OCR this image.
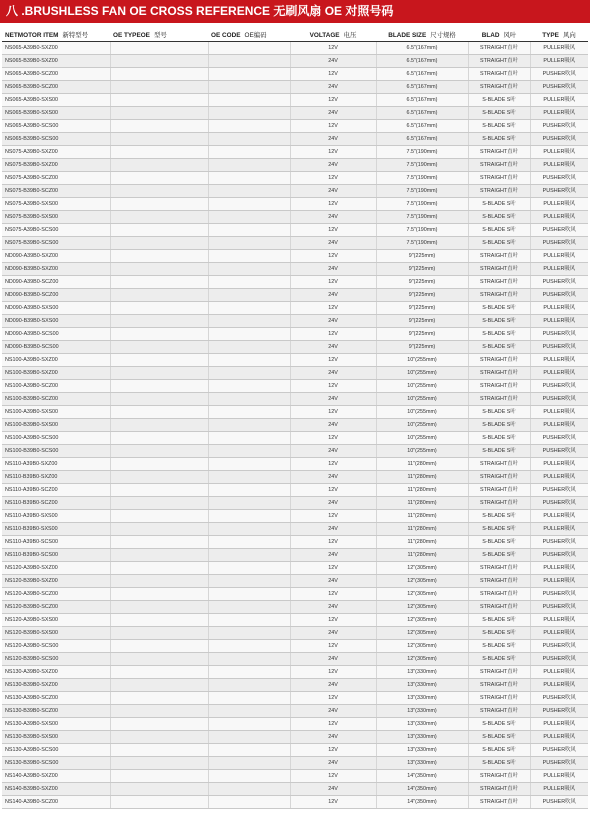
八 .BRUSHLESS FAN OE CROSS REFERENCE 无刷风扇 OE 对照号码
NETMOTOR ITEM 新特型号	OE TYPEOE 型号	OE CODE OE编码	VOLTAGE 电压	BLADE SIZE 尺寸规格	BLAD 风叶	TYPE 风向
NS065-A39B0-SXZ00			12V	6.5"(167mm)	STRAIGHT直叶	PULLER吸风
NS065-B39B0-SXZ00			24V	6.5"(167mm)	STRAIGHT直叶	PULLER吸风
NS065-A39B0-SCZ00			12V	6.5"(167mm)	STRAIGHT直叶	PUSHER吹风
NS065-B39B0-SCZ00			24V	6.5"(167mm)	STRAIGHT直叶	PUSHER吹风
NS065-A39B0-SXS00			12V	6.5"(167mm)	S-BLADE S叶	PULLER吸风
NS065-B39B0-SXS00			24V	6.5"(167mm)	S-BLADE S叶	PULLER吸风
NS065-A39B0-SCS00			12V	6.5"(167mm)	S-BLADE S叶	PUSHER吹风
NS065-B39B0-SCS00			24V	6.5"(167mm)	S-BLADE S叶	PUSHER吹风
NS075-A39B0-SXZ00			12V	7.5"(190mm)	STRAIGHT直叶	PULLER吸风
NS075-B39B0-SXZ00			24V	7.5"(190mm)	STRAIGHT直叶	PULLER吸风
NS075-A39B0-SCZ00			12V	7.5"(190mm)	STRAIGHT直叶	PUSHER吹风
NS075-B39B0-SCZ00			24V	7.5"(190mm)	STRAIGHT直叶	PUSHER吹风
NS075-A39B0-SXS00			12V	7.5"(190mm)	S-BLADE S叶	PULLER吸风
NS075-B39B0-SXS00			24V	7.5"(190mm)	S-BLADE S叶	PULLER吸风
NS075-A39B0-SCS00			12V	7.5"(190mm)	S-BLADE S叶	PUSHER吹风
NS075-B39B0-SCS00			24V	7.5"(190mm)	S-BLADE S叶	PUSHER吹风
ND090-A39B0-SXZ00			12V	9"(225mm)	STRAIGHT直叶	PULLER吸风
ND090-B39B0-SXZ00			24V	9"(225mm)	STRAIGHT直叶	PULLER吸风
ND090-A39B0-SCZ00			12V	9"(225mm)	STRAIGHT直叶	PUSHER吹风
ND090-B39B0-SCZ00			24V	9"(225mm)	STRAIGHT直叶	PUSHER吹风
ND090-A39B0-SXS00			12V	9"(225mm)	S-BLADE S叶	PULLER吸风
ND090-B39B0-SXS00			24V	9"(225mm)	S-BLADE S叶	PULLER吸风
ND090-A39B0-SCS00			12V	9"(225mm)	S-BLADE S叶	PUSHER吹风
ND090-B39B0-SCS00			24V	9"(225mm)	S-BLADE S叶	PUSHER吹风
NS100-A39B0-SXZ00			12V	10"(255mm)	STRAIGHT直叶	PULLER吸风
NS100-B39B0-SXZ00			24V	10"(255mm)	STRAIGHT直叶	PULLER吸风
NS100-A39B0-SCZ00			12V	10"(255mm)	STRAIGHT直叶	PUSHER吹风
NS100-B39B0-SCZ00			24V	10"(255mm)	STRAIGHT直叶	PUSHER吹风
NS100-A39B0-SXS00			12V	10"(255mm)	S-BLADE S叶	PULLER吸风
NS100-B39B0-SXS00			24V	10"(255mm)	S-BLADE S叶	PULLER吸风
NS100-A39B0-SCS00			12V	10"(255mm)	S-BLADE S叶	PUSHER吹风
NS100-B39B0-SCS00			24V	10"(255mm)	S-BLADE S叶	PUSHER吹风
NS110-A39B0-SXZ00			12V	11"(280mm)	STRAIGHT直叶	PULLER吸风
NS110-B39B0-SXZ00			24V	11"(280mm)	STRAIGHT直叶	PULLER吸风
NS110-A39B0-SCZ00			12V	11"(280mm)	STRAIGHT直叶	PUSHER吹风
NS110-B39B0-SCZ00			24V	11"(280mm)	STRAIGHT直叶	PUSHER吹风
NS110-A39B0-SXS00			12V	11"(280mm)	S-BLADE S叶	PULLER吸风
NS110-B39B0-SXS00			24V	11"(280mm)	S-BLADE S叶	PULLER吸风
NS110-A39B0-SCS00			12V	11"(280mm)	S-BLADE S叶	PUSHER吹风
NS110-B39B0-SCS00			24V	11"(280mm)	S-BLADE S叶	PUSHER吹风
NS120-A39B0-SXZ00			12V	12"(305mm)	STRAIGHT直叶	PULLER吸风
NS120-B39B0-SXZ00			24V	12"(305mm)	STRAIGHT直叶	PULLER吸风
NS120-A39B0-SCZ00			12V	12"(305mm)	STRAIGHT直叶	PUSHER吹风
NS120-B39B0-SCZ00			24V	12"(305mm)	STRAIGHT直叶	PUSHER吹风
NS120-A39B0-SXS00			12V	12"(305mm)	S-BLADE S叶	PULLER吸风
NS120-B39B0-SXS00			24V	12"(305mm)	S-BLADE S叶	PULLER吸风
NS120-A39B0-SCS00			12V	12"(305mm)	S-BLADE S叶	PUSHER吹风
NS120-B39B0-SCS00			24V	12"(305mm)	S-BLADE S叶	PUSHER吹风
NS130-A39B0-SXZ00			12V	13"(330mm)	STRAIGHT直叶	PULLER吸风
NS130-B39B0-SXZ00			24V	13"(330mm)	STRAIGHT直叶	PULLER吸风
NS130-A39B0-SCZ00			12V	13"(330mm)	STRAIGHT直叶	PUSHER吹风
NS130-B39B0-SCZ00			24V	13"(330mm)	STRAIGHT直叶	PUSHER吹风
NS130-A39B0-SXS00			12V	13"(330mm)	S-BLADE S叶	PULLER吸风
NS130-B39B0-SXS00			24V	13"(330mm)	S-BLADE S叶	PULLER吸风
NS130-A39B0-SCS00			12V	13"(330mm)	S-BLADE S叶	PUSHER吹风
NS130-B39B0-SCS00			24V	13"(330mm)	S-BLADE S叶	PUSHER吹风
NS140-A39B0-SXZ00			12V	14"(350mm)	STRAIGHT直叶	PULLER吸风
NS140-B39B0-SXZ00			24V	14"(350mm)	STRAIGHT直叶	PULLER吸风
NS140-A39B0-SCZ00			12V	14"(350mm)	STRAIGHT直叶	PUSHER吹风
